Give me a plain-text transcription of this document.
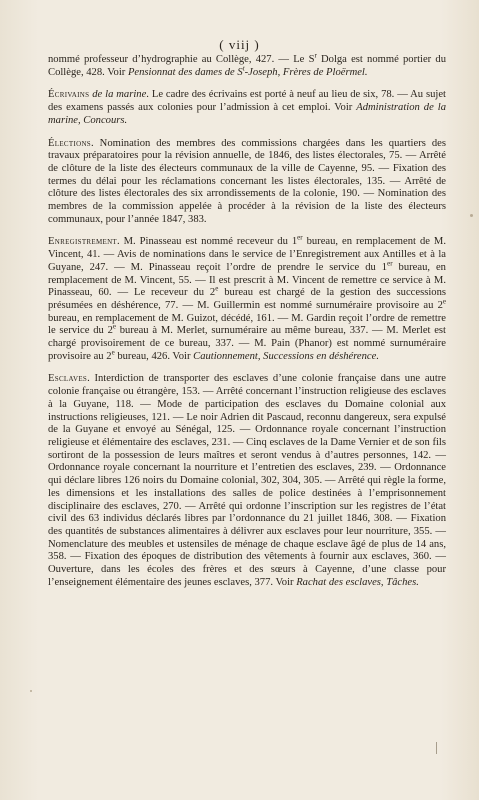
( viij )

nommé professeur d’hydrographie au Collège, 427. — Le $S^r$ Dolga est nommé portier du Collège, 428. Voir Pensionnat des dames de $S^t$-Joseph, Frères de Ploërmel.

Écrivains de la marine. Le cadre des écrivains est porté à neuf au lieu de six, 78. — Au sujet des examens passés aux colonies pour l’admission à cet emploi. Voir Administration de la marine, Concours.

Élections. Nomination des membres des commissions chargées dans les quartiers des travaux préparatoires pour la révision annuelle, de 1846, des listes électorales, 75. — Arrêté de clôture de la liste des électeurs communaux de la ville de Cayenne, 95. — Fixation des termes du délai pour les réclamations concernant les listes électorales, 135. — Arrêté de clôture des listes électorales des six arrondissements de la colonie, 190. — Nomination des membres de la commission appelée à procéder à la révision de la liste des électeurs communaux, pour l’année 1847, 383.

Enregistrement. M. Pinasseau est nommé receveur du 1er bureau, en remplacement de M. Vincent, 41. — Avis de nominations dans le service de l’Enregistrement aux Antilles et à la Guyane, 247. — M. Pinasseau reçoit l’ordre de prendre le service du 1er bureau, en remplacement de M. Vincent, 55. — Il est prescrit à M. Vincent de remettre ce service à M. Pinasseau, 60. — Le receveur du 2e bureau est chargé de la gestion des successions présumées en déshérence, 77. — M. Guillermin est nommé surnuméraire provisoire au 2e bureau, en remplacement de M. Guizot, décédé, 161. — M. Gardin reçoit l’ordre de remettre le service du 2e bureau à M. Merlet, surnuméraire au même bureau, 337. — M. Merlet est chargé provisoirement de ce bureau, 337. — M. Pain (Phanor) est nommé surnuméraire provisoire au 2e bureau, 426. Voir Cautionnement, Successions en déshérence.

Esclaves. Interdiction de transporter des esclaves d’une colonie française dans une autre colonie française ou étrangère, 153. — Arrêté concernant l’instruction religieuse des esclaves à la Guyane, 118. — Mode de participation des esclaves du Domaine colonial aux instructions religieuses, 121. — Le noir Adrien dit Pascaud, reconnu dangereux, sera expulsé de la Guyane et envoyé au Sénégal, 125. — Ordonnance royale concernant l’instruction religieuse et élémentaire des esclaves, 231. — Cinq esclaves de la Dame Vernier et de son fils sortiront de la possession de leurs maîtres et seront vendus à d’autres personnes, 142. — Ordonnance royale concernant la nourriture et l’entretien des esclaves, 239. — Ordonnance qui déclare libres 126 noirs du Domaine colonial, 302, 304, 305. — Arrêté qui règle la forme, les dimensions et les installations des salles de police destinées à l’emprisonnement disciplinaire des esclaves, 270. — Arrêté qui ordonne l’inscription sur les registres de l’état civil des 63 individus déclarés libres par l’ordonnance du 21 juillet 1846, 308. — Fixation des quantités de substances alimentaires à délivrer aux esclaves pour leur nourriture, 355. — Nomenclature des meubles et ustensiles de ménage de chaque esclave âgé de plus de 14 ans, 358. — Fixation des époques de distribution des vêtements à fournir aux esclaves, 360. — Ouverture, dans les écoles des frères et des sœurs à Cayenne, d’une classe pour l’enseignement élémentaire des jeunes esclaves, 377. Voir Rachat des esclaves, Tâches.
